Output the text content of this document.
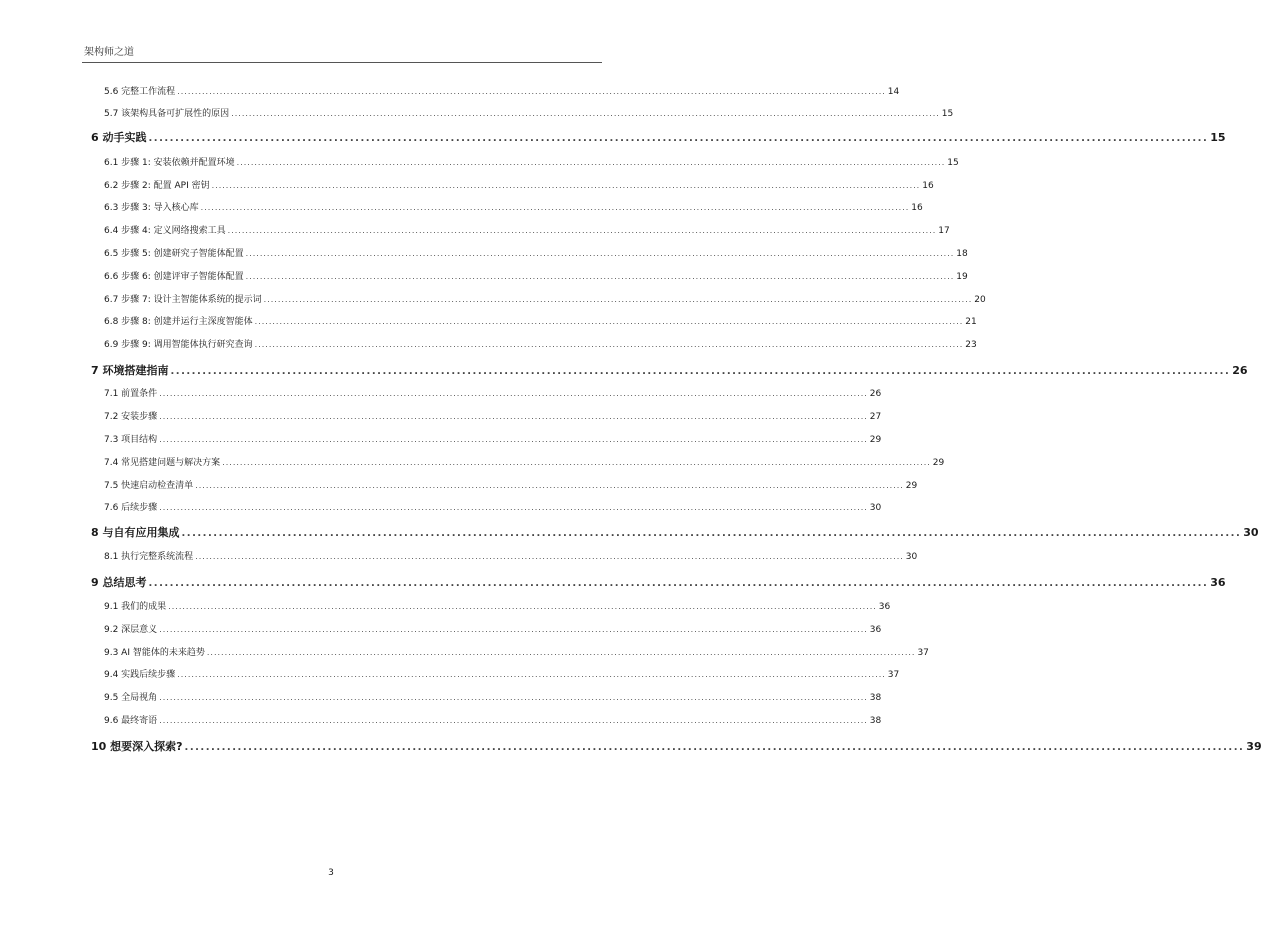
架构师之道
5.6 完整工作流程 ........................................................................................................................................................................................................ 14
5.7 该架构具备可扩展性的原因 ........................................................................................................................................................................................................ 15
6 动手实践 ........................................................................................................................................................................................................ 15
6.1 步骤 1: 安装依赖并配置环境 ........................................................................................................................................................................................................ 15
6.2 步骤 2: 配置 API 密钥 ........................................................................................................................................................................................................ 16
6.3 步骤 3: 导入核心库 ........................................................................................................................................................................................................ 16
6.4 步骤 4: 定义网络搜索工具 ........................................................................................................................................................................................................ 17
6.5 步骤 5: 创建研究子智能体配置 ........................................................................................................................................................................................................ 18
6.6 步骤 6: 创建评审子智能体配置 ........................................................................................................................................................................................................ 19
6.7 步骤 7: 设计主智能体系统的提示词 ........................................................................................................................................................................................................ 20
6.8 步骤 8: 创建并运行主深度智能体 ........................................................................................................................................................................................................ 21
6.9 步骤 9: 调用智能体执行研究查询 ........................................................................................................................................................................................................ 23
7 环境搭建指南 ........................................................................................................................................................................................................ 26
7.1 前置条件 ........................................................................................................................................................................................................ 26
7.2 安装步骤 ........................................................................................................................................................................................................ 27
7.3 项目结构 ........................................................................................................................................................................................................ 29
7.4 常见搭建问题与解决方案 ........................................................................................................................................................................................................ 29
7.5 快速启动检查清单 ........................................................................................................................................................................................................ 29
7.6 后续步骤 ........................................................................................................................................................................................................ 30
8 与自有应用集成 ........................................................................................................................................................................................................ 30
8.1 执行完整系统流程 ........................................................................................................................................................................................................ 30
9 总结思考 ........................................................................................................................................................................................................ 36
9.1 我们的成果 ........................................................................................................................................................................................................ 36
9.2 深层意义 ........................................................................................................................................................................................................ 36
9.3 AI 智能体的未来趋势 ........................................................................................................................................................................................................ 37
9.4 实践后续步骤 ........................................................................................................................................................................................................ 37
9.5 全局视角 ........................................................................................................................................................................................................ 38
9.6 最终寄语 ........................................................................................................................................................................................................ 38
10 想要深入探索? ........................................................................................................................................................................................................ 39
3
